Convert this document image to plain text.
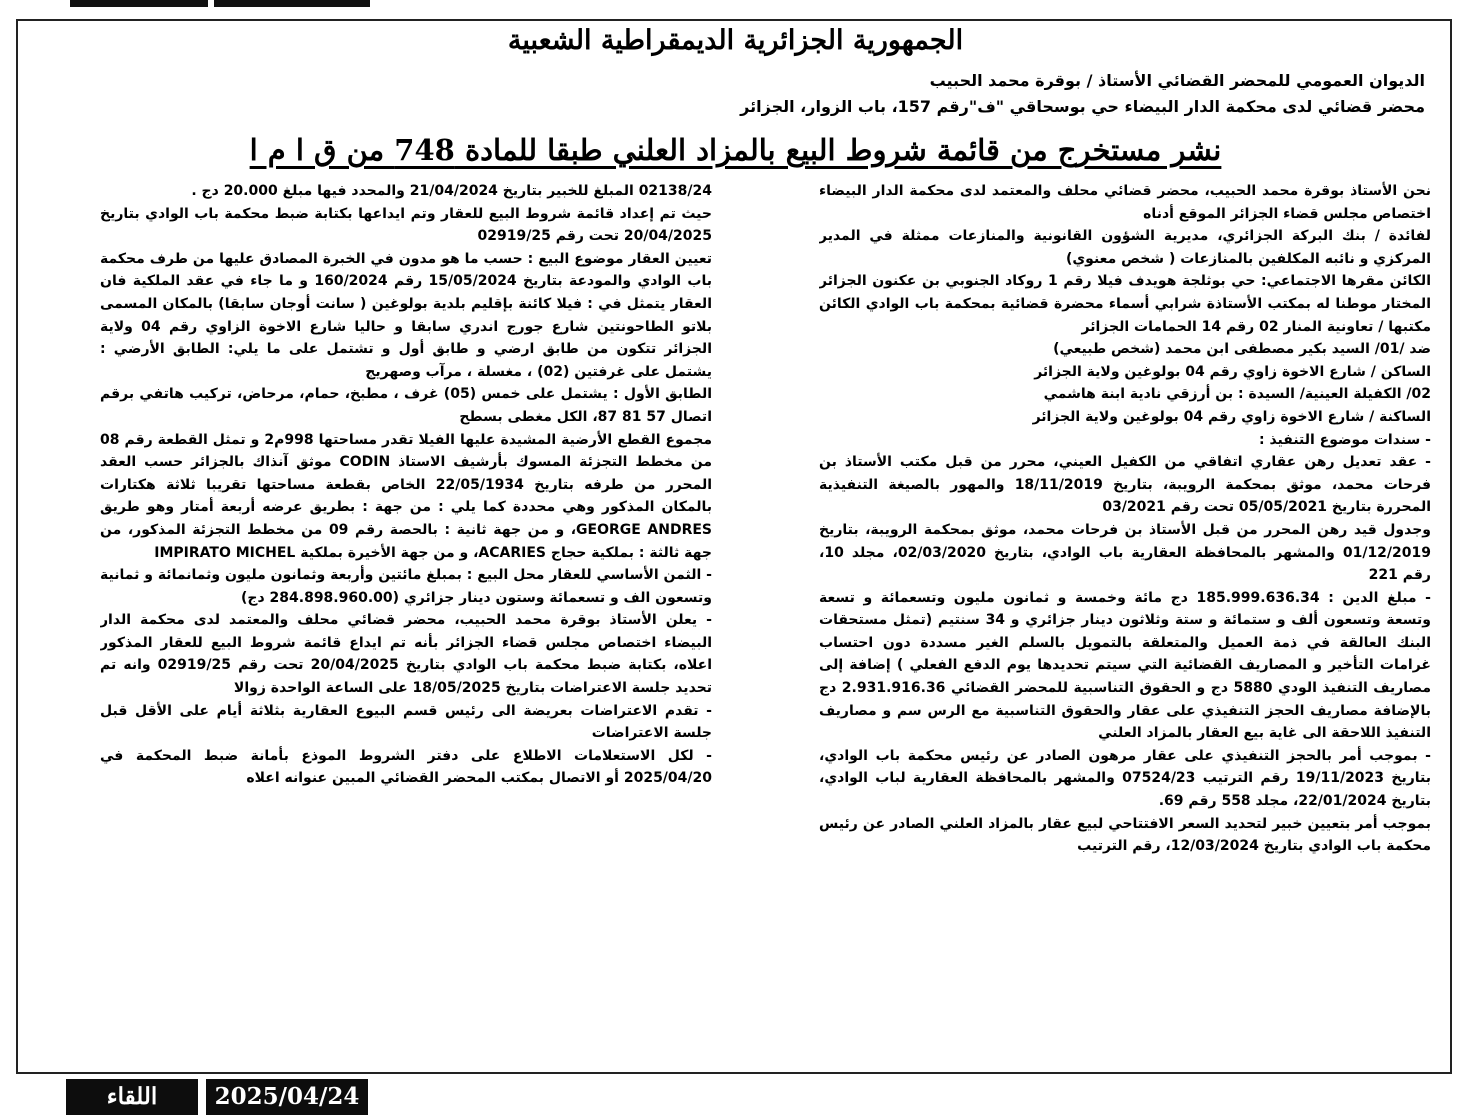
الجمهورية الجزائرية الديمقراطية الشعبية
الديوان العمومي للمحضر القضائي الأستاذ / بوقرة محمد الحبيب
محضر قضائي لدى محكمة الدار البيضاء حي بوسحاقي "ف"رقم 157، باب الزوار، الجزائر
نشر مستخرج من قائمة شروط البيع بالمزاد العلني طبقا للمادة 748 من ق ا م ا

نحن الأستاذ بوقرة محمد الحبيب، محضر قضائي محلف والمعتمد لدى محكمة الدار البيضاء اختصاص مجلس قضاء الجزائر الموقع أدناه

لفائدة / بنك البركة الجزائري، مديرية الشؤون القانونية والمنازعات ممثلة في المدير المركزي و نائبه المكلفين بالمنازعات ( شخص معنوي)

الكائن مقرها الاجتماعي: حي بوثلجة هويدف فيلا رقم 1 روكاد الجنوبي بن عكنون الجزائر المختار موطنا له بمكتب الأستاذة شرابي أسماء محضرة قضائية بمحكمة باب الوادي الكائن مكتبها / تعاونية المنار 02 رقم 14 الحمامات الجزائر

ضد /01/ السيد بكير مصطفى ابن محمد (شخص طبيعي)

الساكن / شارع الاخوة زاوي رقم 04 بولوغين ولاية الجزائر

02/ الكفيلة العينية/ السيدة : بن أرزقي نادية ابنة هاشمي

الساكنة / شارع الاخوة زاوي رقم 04 بولوغين ولاية الجزائر

- سندات موضوع التنفيذ :

- عقد تعديل رهن عقاري اتفاقي من الكفيل العيني، محرر من قبل مكتب الأستاذ بن فرحات محمد، موثق بمحكمة الرويبة، بتاريخ 18/11/2019 والمهور بالصيغة التنفيذية المحررة بتاريخ 05/05/2021 تحت رقم 03/2021

وجدول قيد رهن المحرر من قبل الأستاذ بن فرحات محمد، موثق بمحكمة الرويبة، بتاريخ 01/12/2019 والمشهر بالمحافظة العقارية باب الوادي، بتاريخ 02/03/2020، مجلد 10، رقم 221

- مبلغ الدين : 185.999.636.34 دج مائة وخمسة و ثمانون مليون وتسعمائة و تسعة وتسعة وتسعون ألف و ستمائة و ستة وثلاثون دينار جزائري و 34 سنتيم (تمثل مستحقات البنك العالقة في ذمة العميل والمتعلقة بالتمويل بالسلم الغير مسددة دون احتساب غرامات التأخير و المصاريف القضائية التي سيتم تحديدها يوم الدفع الفعلي ) إضافة إلى مصاريف التنفيذ الودي 5880 دج و الحقوق التناسبية للمحضر القضائي 2.931.916.36 دج بالإضافة مصاريف الحجز التنفيذي على عقار والحقوق التناسبية مع الرس سم و مصاريف التنفيذ اللاحقة الى غاية بيع العقار بالمزاد العلني

- بموجب أمر بالحجز التنفيذي على عقار مرهون الصادر عن رئيس محكمة باب الوادي، بتاريخ 19/11/2023 رقم الترتيب 07524/23 والمشهر بالمحافظة العقارية لباب الوادي، بتاريخ 22/01/2024، مجلد 558 رقم 69.

بموجب أمر بتعيين خبير لتحديد السعر الافتتاحي لبيع عقار بالمزاد العلني الصادر عن رئيس محكمة باب الوادي بتاريخ 12/03/2024، رقم الترتيب

02138/24 المبلغ للخبير بتاريخ 21/04/2024 والمحدد فيها مبلغ 20.000 دج .

حيث تم إعداد قائمة شروط البيع للعقار وتم ايداعها بكتابة ضبط محكمة باب الوادي بتاريخ 20/04/2025 تحت رقم 02919/25

تعيين العقار موضوع البيع : حسب ما هو مدون في الخبرة المصادق عليها من طرف محكمة باب الوادي والمودعة بتاريخ 15/05/2024 رقم 160/2024 و ما جاء في عقد الملكية فان العقار يتمثل في : فيلا كائنة بإقليم بلدية بولوغين ( سانت أوجان سابقا) بالمكان المسمى بلاتو الطاحونتين شارع جورج اندري سابقا و حاليا شارع الاخوة الزاوي رقم 04 ولاية الجزائر تتكون من طابق ارضي و طابق أول و تشتمل على ما يلي: الطابق الأرضي : يشتمل على غرفتين (02) ، مغسلة ، مرآب وصهريج

الطابق الأول : يشتمل على خمس (05) غرف ، مطبخ، حمام، مرحاض، تركيب هاتفي برقم اتصال 57 81 87، الكل مغطى بسطح

مجموع القطع الأرضية المشيدة عليها الفيلا تقدر مساحتها 998م2 و تمثل القطعة رقم 08 من مخطط التجزئة المسوك بأرشيف الاستاذ CODIN موثق آنذاك بالجزائر حسب العقد المحرر من طرفه بتاريخ 22/05/1934 الخاص بقطعة مساحتها تقريبا ثلاثة هكتارات بالمكان المذكور وهي محددة كما يلي : من جهة : بطريق عرضه أربعة أمتار وهو طريق GEORGE ANDRES، و من جهة ثانية : بالحصة رقم 09 من مخطط التجزئة المذكور، من جهة ثالثة : بملكية حجاج ACARIES، و من جهة الأخيرة بملكية IMPIRATO MICHEL

- الثمن الأساسي للعقار محل البيع : بمبلغ مائتين وأربعة وثمانون مليون وثمانمائة و ثمانية وتسعون الف و تسعمائة وستون دينار جزائري (284.898.960.00 دج)

- يعلن الأستاذ بوقرة محمد الحبيب، محضر قضائي محلف والمعتمد لدى محكمة الدار البيضاء اختصاص مجلس قضاء الجزائر بأنه تم ايداع قائمة شروط البيع للعقار المذكور اعلاه، بكتابة ضبط محكمة باب الوادي بتاريخ 20/04/2025 تحت رقم 02919/25 وانه تم تحديد جلسة الاعتراضات بتاريخ 18/05/2025 على الساعة الواحدة زوالا

- تقدم الاعتراضات بعريضة الى رئيس قسم البيوع العقارية بثلاثة أيام على الأقل قبل جلسة الاعتراضات

- لكل الاستعلامات الاطلاع على دفتر الشروط الموذع بأمانة ضبط المحكمة في 2025/04/20 أو الاتصال بمكتب المحضر القضائي المبين عنوانه اعلاه

اللقاء	2025/04/24
